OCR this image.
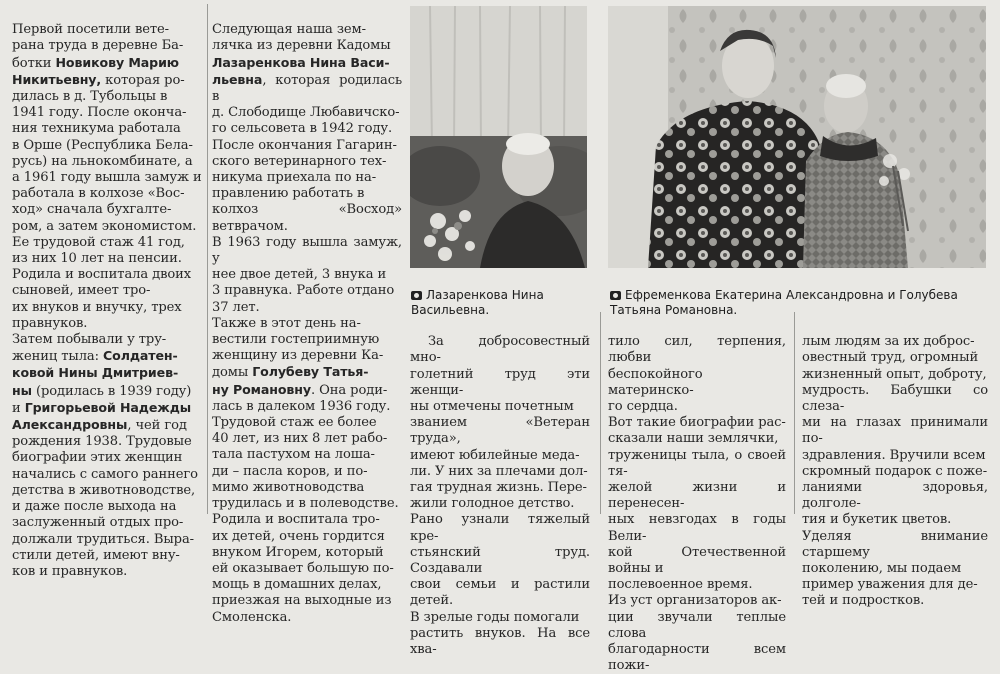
Первой посетили вете-
рана труда в деревне Ба-
ботки Новикову Марию
Никитьевну, которая ро-
дилась в д. Тубольцы в
1941 году. После оконча-
ния техникума работала
в Орше (Республика Бела-
русь) на льнокомбинате, а
а 1961 году вышла замуж и
работала в колхозе «Вос-
ход» сначала бухгалте-
ром, а затем экономистом.
Ее трудовой стаж 41 год,
из них 10 лет на пенсии.
Родила и воспитала двоих
сыновей, имеет тро-
их внуков и внучку, трех
правнуков.
Затем побывали у тру-
жениц тыла: Солдатен-
ковой Нины Дмитриев-
ны (родилась в 1939 году)
и Григорьевой Надежды
Александровны, чей год
рождения 1938. Трудовые
биографии этих женщин
начались с самого раннего
детства в животноводстве,
и даже после выхода на
заслуженный отдых про-
должали трудиться. Выра-
стили детей, имеют вну-
ков и правнуков.

Следующая наша зем-
лячка из деревни Кадомы
Лазаренкова Нина Васи-
льевна, которая родилась в
д. Слободище Любавичско-
го сельсовета в 1942 году.
После окончания Гагарин-
ского ветеринарного тех-
никума приехала по на-
правлению работать в
колхоз «Восход» ветврачом.
В 1963 году вышла замуж, у
нее двое детей, 3 внука и
3 правнука. Работе отдано
37 лет.
Также в этот день на-
вестили гостеприимную
женщину из деревни Ка-
домы Голубеву Татья-
ну Романовну. Она роди-
лась в далеком 1936 году.
Трудовой стаж ее более
40 лет, из них 8 лет рабо-
тала пастухом на лоша-
ди – пасла коров, и по-
мимо животноводства
трудилась и в полеводстве.
Родила и воспитала тро-
их детей, очень гордится
внуком Игорем, который
ей оказывает большую по-
мощь в домашних делах,
приезжая на выходные из
Смоленска.

Лазаренкова Нина
Васильевна.

Ефременкова Екатерина Александровна и Голубева
Татьяна Романовна.

За добросовестный мно-
голетний труд эти женщи-
ны отмечены почетным
званием «Ветеран труда»,
имеют юбилейные меда-
ли. У них за плечами дол-
гая трудная жизнь. Пере-
жили голодное детство.
Рано узнали тяжелый кре-
стьянский труд. Создавали
свои семьи и растили детей.
В зрелые годы помогали
растить внуков. На все хва-

тило сил, терпения, любви
беспокойного материнско-
го сердца.
Вот такие биографии рас-
сказали наши землячки,
труженицы тыла, о своей тя-
желой жизни и перенесен-
ных невзгодах в годы Вели-
кой Отечественной войны и
послевоенное время.
Из уст организаторов ак-
ции звучали теплые слова
благодарности всем пожи-

лым людям за их доброс-
овестный труд, огромный
жизненный опыт, доброту,
мудрость. Бабушки со слеза-
ми на глазах принимали по-
здравления. Вручили всем
скромный подарок с поже-
ланиями здоровья, долголе-
тия и букетик цветов.
Уделяя внимание старшему
поколению, мы подаем
пример уважения для де-
тей и подростков.
